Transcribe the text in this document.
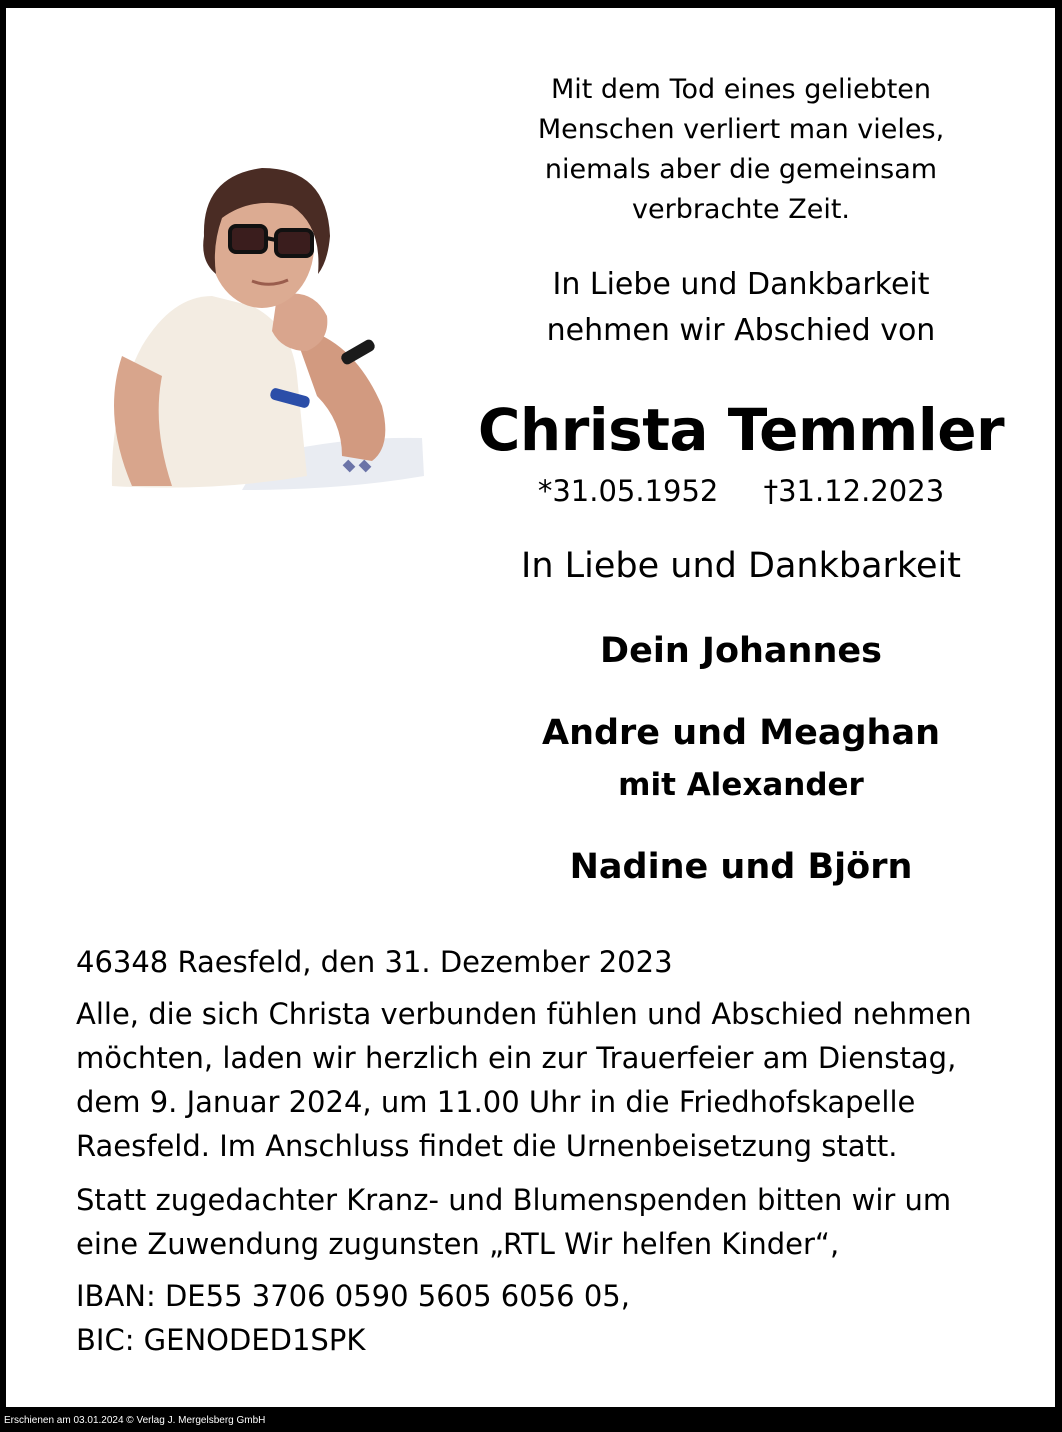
Mit dem Tod eines geliebten
Menschen verliert man vieles,
niemals aber die gemeinsam
verbrachte Zeit.
In Liebe und Dankbarkeit
nehmen wir Abschied von
Christa Temmler
*31.05.1952 †31.12.2023
In Liebe und Dankbarkeit
Dein Johannes
Andre und Meaghan
mit Alexander
Nadine und Björn
46348 Raesfeld, den 31. Dezember 2023
Alle, die sich Christa verbunden fühlen und Abschied nehmen
möchten, laden wir herzlich ein zur Trauerfeier am Dienstag,
dem 9. Januar 2024, um 11.00 Uhr in die Friedhofskapelle
Raesfeld. Im Anschluss findet die Urnenbeisetzung statt.
Statt zugedachter Kranz- und Blumenspenden bitten wir um
eine Zuwendung zugunsten „RTL Wir helfen Kinder“,
IBAN: DE55 3706 0590 5605 6056 05,
BIC: GENODED1SPK
Erschienen am 03.01.2024 © Verlag J. Mergelsberg GmbH
